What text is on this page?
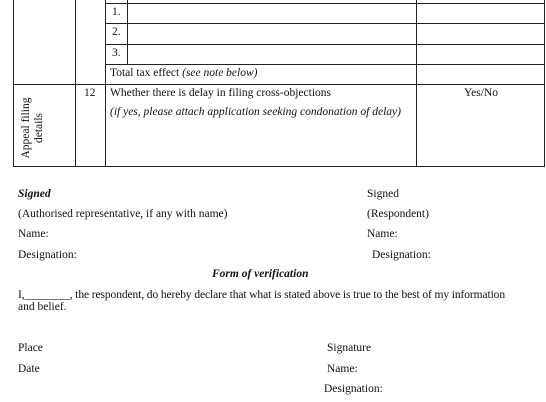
1.
2.
3.
Total tax effect (see note below)
Appeal filing details
12 Whether there is delay in filing cross-objections
(if yes, please attach application seeking condonation of delay)
Yes/No
Signed
(Authorised representative, if any with name)
Name:
Designation:
Signed
(Respondent)
Name:
Designation:
Form of verification
I,________, the respondent, do hereby declare that what is stated above is true to the best of my information
and belief.
Place
Date
Signature
Name:
Designation:
